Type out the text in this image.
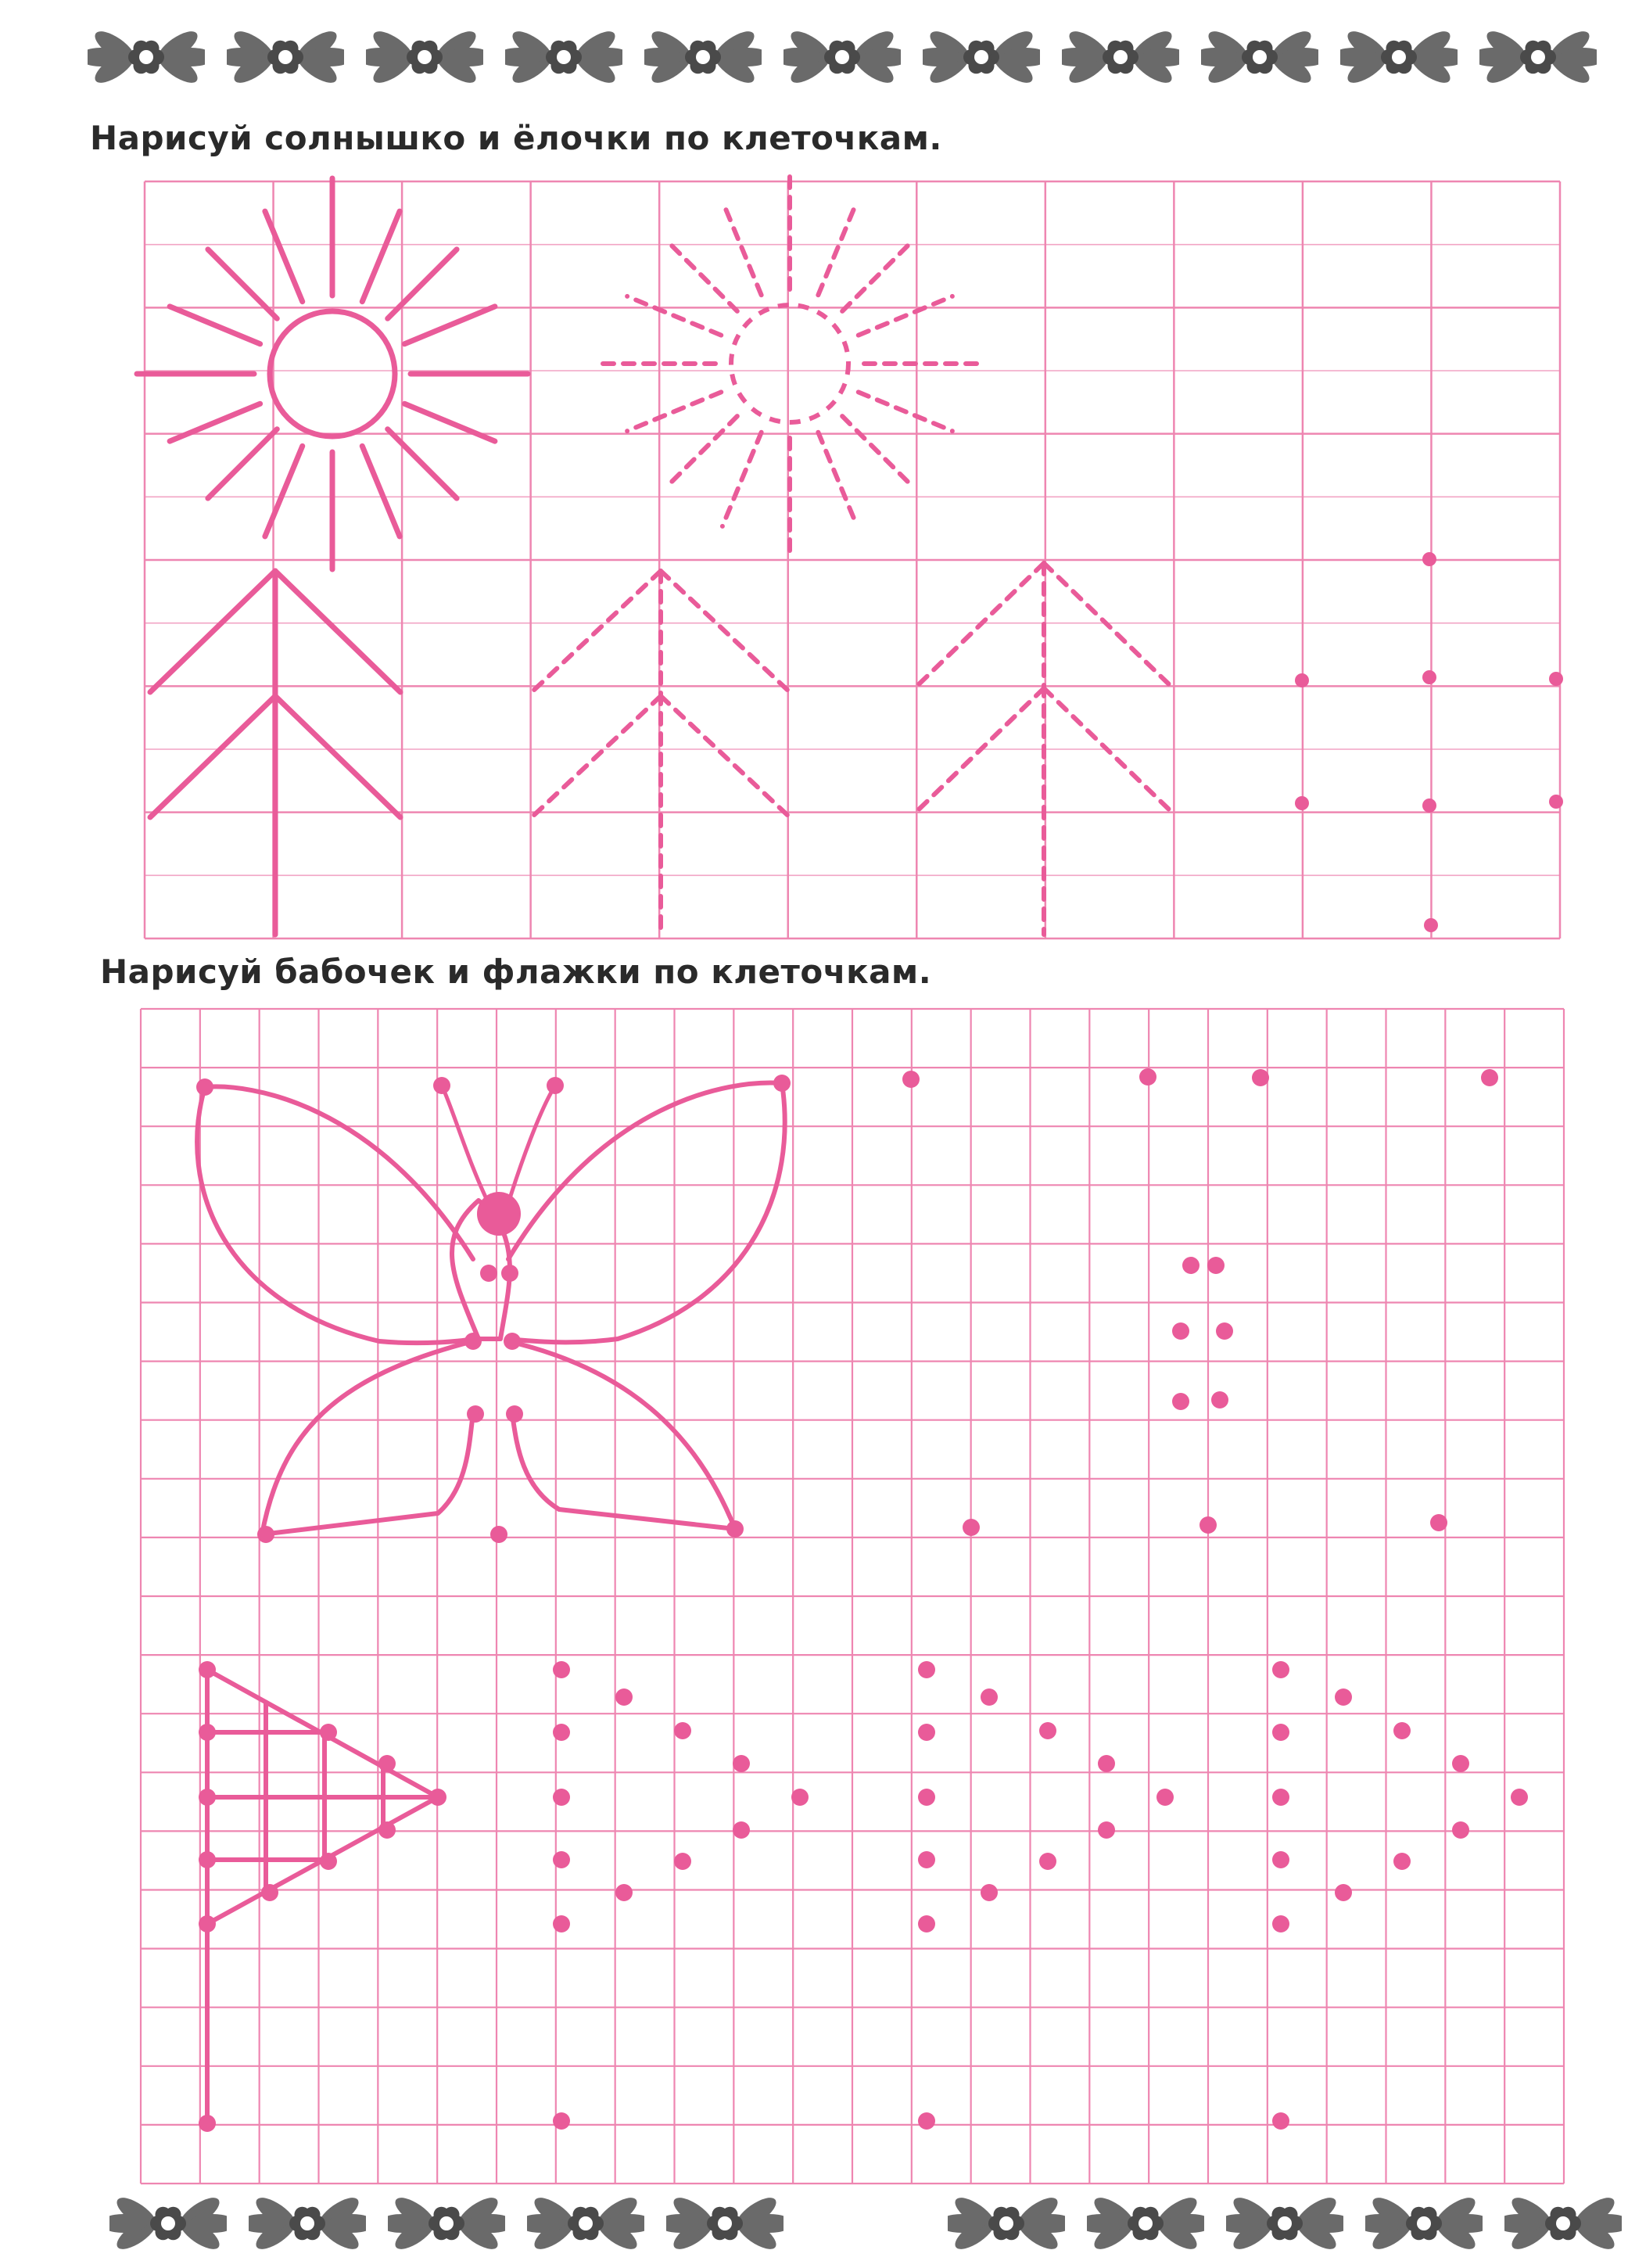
Нарисуй солнышко и ёлочки по клеточкам.
Нарисуй бабочек и флажки по клеточкам.
